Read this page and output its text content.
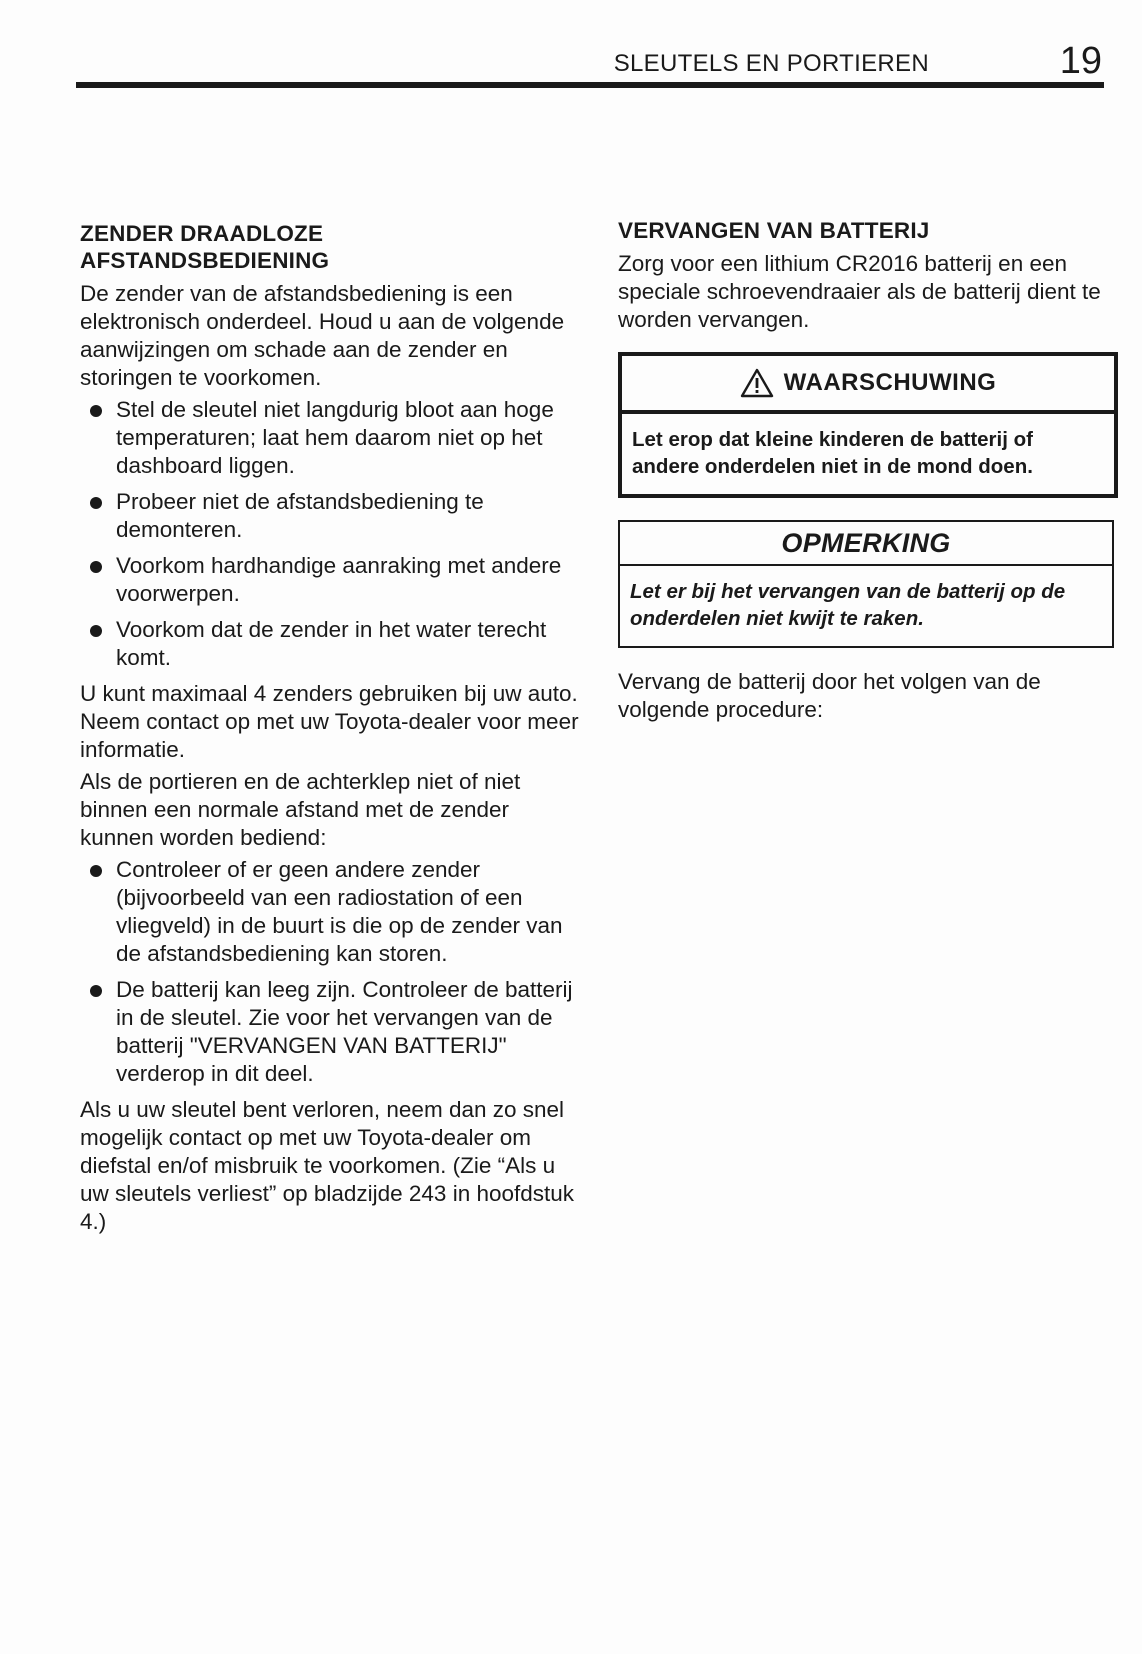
SLEUTELS EN PORTIEREN	19
ZENDER DRAADLOZE
AFSTANDSBEDIENING

De zender van de afstandsbediening is een elektronisch onderdeel. Houd u aan de volgende aanwijzingen om schade aan de zender en storingen te voorkomen.

Stel de sleutel niet langdurig bloot aan hoge temperaturen; laat hem daarom niet op het dashboard liggen.
Probeer niet de afstandsbediening te demonteren.
Voorkom hardhandige aanraking met andere voorwerpen.
Voorkom dat de zender in het water terecht komt.

U kunt maximaal 4 zenders gebruiken bij uw auto. Neem contact op met uw Toyota-dealer voor meer informatie.

Als de portieren en de achterklep niet of niet binnen een normale afstand met de zender kunnen worden bediend:

Controleer of er geen andere zender (bijvoorbeeld van een radiostation of een vliegveld) in de buurt is die op de zender van de afstandsbediening kan storen.
De batterij kan leeg zijn. Controleer de batterij in de sleutel. Zie voor het vervangen van de batterij "VERVANGEN VAN BATTERIJ" verderop in dit deel.

Als u uw sleutel bent verloren, neem dan zo snel mogelijk contact op met uw Toyota-dealer om diefstal en/of misbruik te voorkomen. (Zie “Als u uw sleutels verliest” op bladzijde 243 in hoofdstuk 4.)

VERVANGEN VAN BATTERIJ

Zorg voor een lithium CR2016 batterij en een speciale schroevendraaier als de batterij dient te worden vervangen.

WAARSCHUWING
Let erop dat kleine kinderen de batterij of andere onderdelen niet in de mond doen.
OPMERKING
Let er bij het vervangen van de batterij op de onderdelen niet kwijt te raken.

Vervang de batterij door het volgen van de volgende procedure:
